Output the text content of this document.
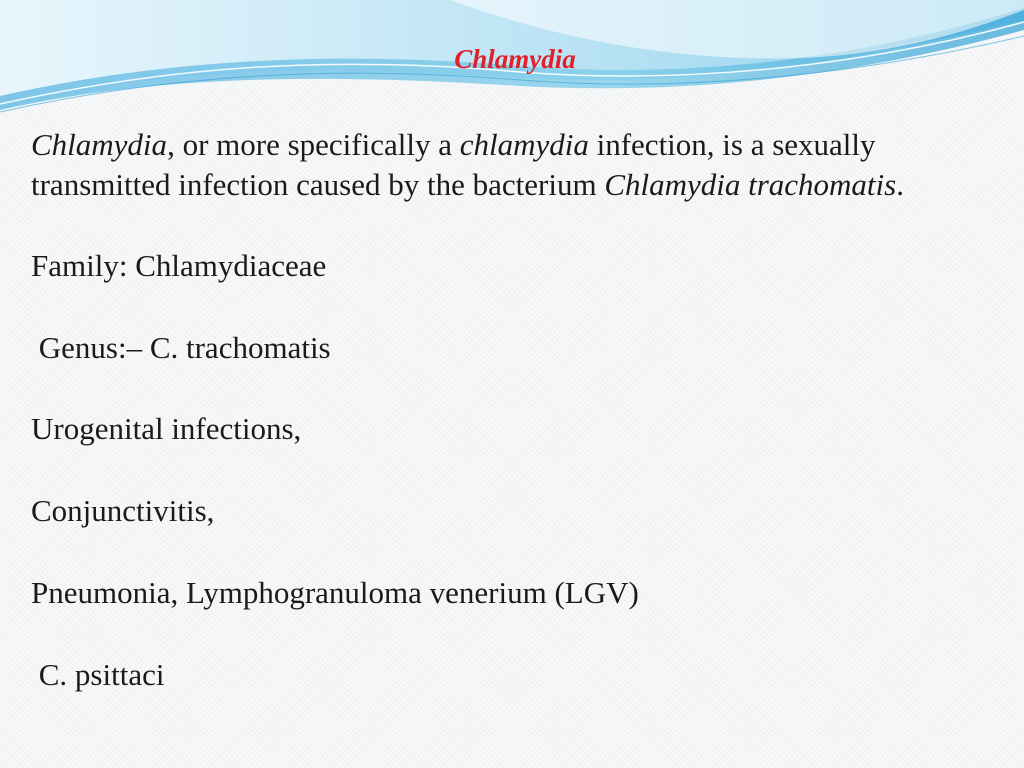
Chlamydia

Chlamydia, or more specifically a chlamydia infection, is a sexually transmitted infection caused by the bacterium Chlamydia trachomatis.

Family: Chlamydiaceae

Genus:– C. trachomatis

Urogenital infections,

Conjunctivitis,

Pneumonia, Lymphogranuloma venerium (LGV)

C. psittaci
